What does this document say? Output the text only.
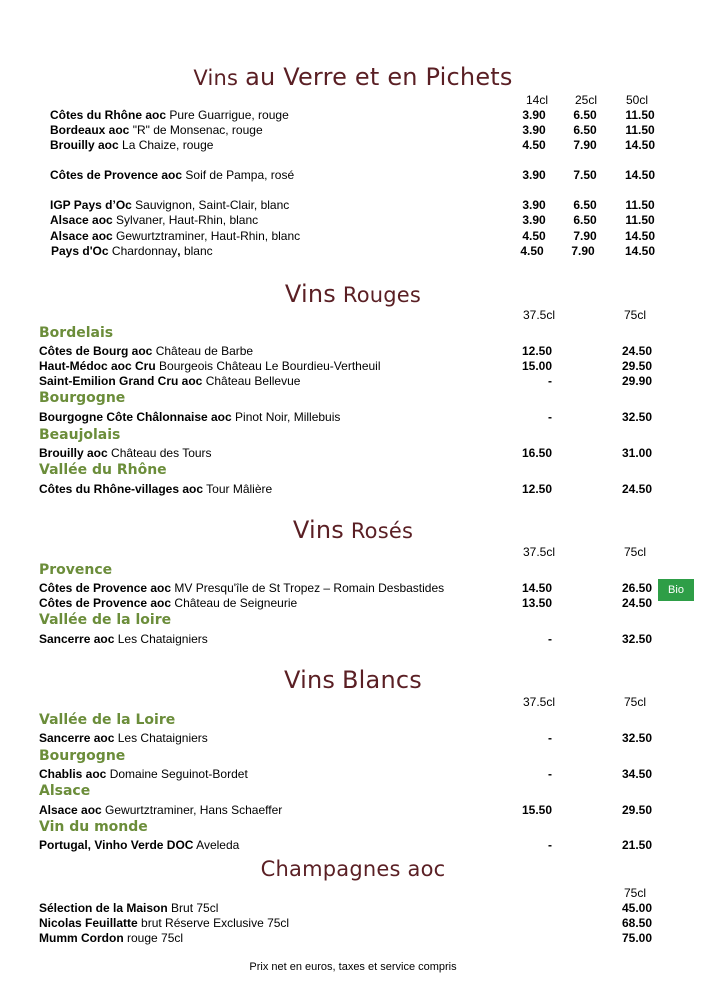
Vins au Verre et en Pichets
14cl	25cl	50cl
Côtes du Rhône aoc Pure Guarrigue, rouge	3.90	6.50	11.50
Bordeaux aoc "R" de Monsenac, rouge	3.90	6.50	11.50
Brouilly aoc La Chaize, rouge	4.50	7.90	14.50
Côtes de Provence aoc Soif de Pampa, rosé	3.90	7.50	14.50
IGP Pays d’Oc Sauvignon, Saint-Clair, blanc	3.90	6.50	11.50
Alsace aoc Sylvaner, Haut-Rhin, blanc	3.90	6.50	11.50
Alsace aoc Gewurtztraminer, Haut-Rhin, blanc	4.50	7.90	14.50
Pays d'Oc Chardonnay, blanc	4.50	7.90	14.50
Vins Rouges
37.5cl	75cl
Bordelais
Côtes de Bourg aoc Château de Barbe	12.50	24.50
Haut-Médoc aoc Cru Bourgeois Château Le Bourdieu-Vertheuil	15.00	29.50
Saint-Emilion Grand Cru aoc Château Bellevue	-	29.90
Bourgogne
Bourgogne Côte Châlonnaise aoc Pinot Noir, Millebuis	-	32.50
Beaujolais
Brouilly aoc Château des Tours	16.50	31.00
Vallée du Rhône
Côtes du Rhône-villages aoc Tour Mâlière	12.50	24.50
Vins Rosés
37.5cl	75cl
Provence
Côtes de Provence aoc MV Presqu'île de St Tropez – Romain Desbastides	14.50	26.50	Bio
Côtes de Provence aoc Château de Seigneurie	13.50	24.50
Vallée de la loire
Sancerre aoc Les Chataigniers	-	32.50
Vins Blancs
37.5cl	75cl
Vallée de la Loire
Sancerre aoc Les Chataigniers	-	32.50
Bourgogne
Chablis aoc Domaine Seguinot-Bordet	-	34.50
Alsace
Alsace aoc Gewurtztraminer, Hans Schaeffer	15.50	29.50
Vin du monde
Portugal, Vinho Verde DOC Aveleda	-	21.50
Champagnes aoc
75cl
Sélection de la Maison Brut 75cl	45.00
Nicolas Feuillatte brut Réserve Exclusive 75cl	68.50
Mumm Cordon rouge 75cl	75.00
Prix net en euros, taxes et service compris
